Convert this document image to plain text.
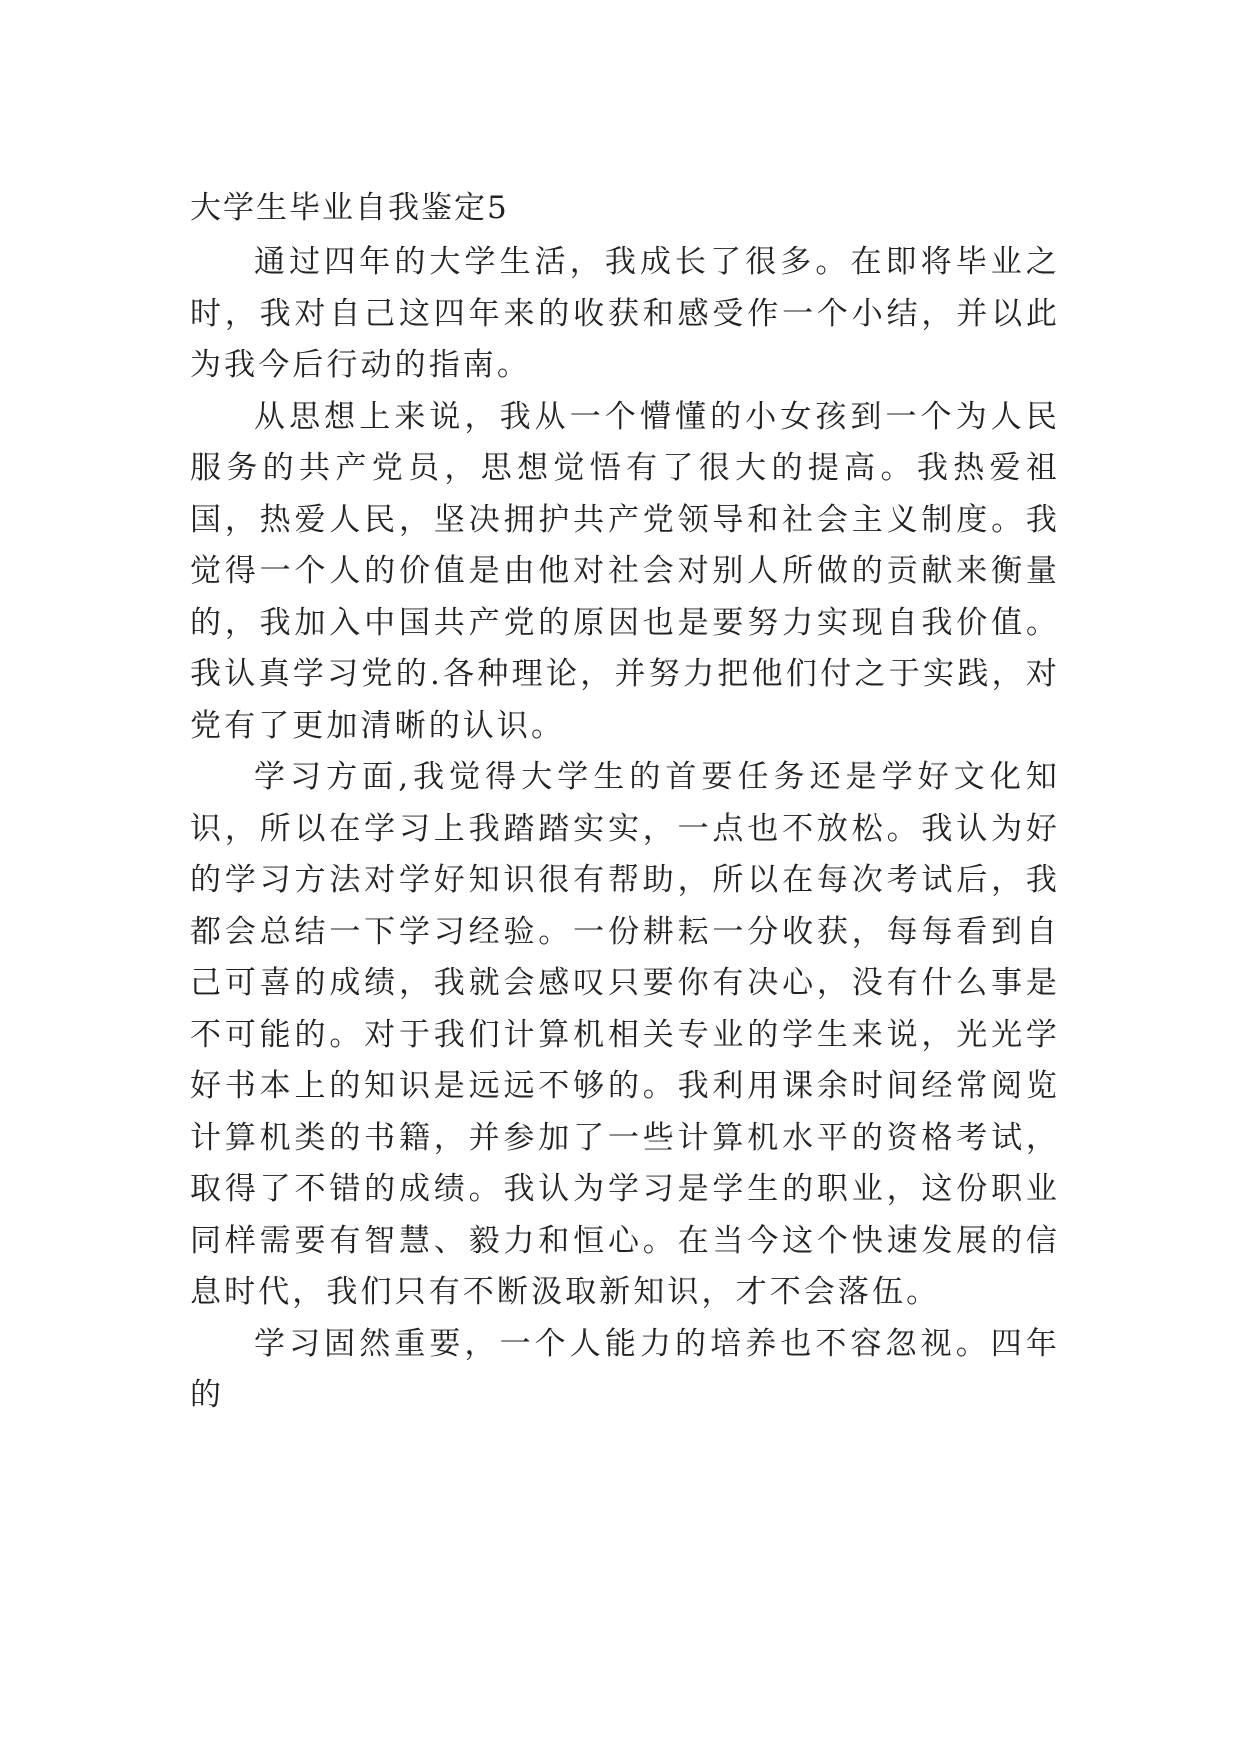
大学生毕业自我鉴定5

通过四年的大学生活，我成长了很多。在即将毕业之时，我对自己这四年来的收获和感受作一个小结，并以此为我今后行动的指南。

从思想上来说，我从一个懵懂的小女孩到一个为人民服务的共产党员，思想觉悟有了很大的提高。我热爱祖国，热爱人民，坚决拥护共产党领导和社会主义制度。我觉得一个人的价值是由他对社会对别人所做的贡献来衡量的，我加入中国共产党的原因也是要努力实现自我价值。我认真学习党的.各种理论，并努力把他们付之于实践，对党有了更加清晰的认识。

学习方面,我觉得大学生的首要任务还是学好文化知识，所以在学习上我踏踏实实，一点也不放松。我认为好的学习方法对学好知识很有帮助，所以在每次考试后，我都会总结一下学习经验。一份耕耘一分收获，每每看到自己可喜的成绩，我就会感叹只要你有决心，没有什么事是不可能的。对于我们计算机相关专业的学生来说，光光学好书本上的知识是远远不够的。我利用课余时间经常阅览计算机类的书籍，并参加了一些计算机水平的资格考试，取得了不错的成绩。我认为学习是学生的职业，这份职业同样需要有智慧、毅力和恒心。在当今这个快速发展的信息时代，我们只有不断汲取新知识，才不会落伍。

学习固然重要，一个人能力的培养也不容忽视。四年的
